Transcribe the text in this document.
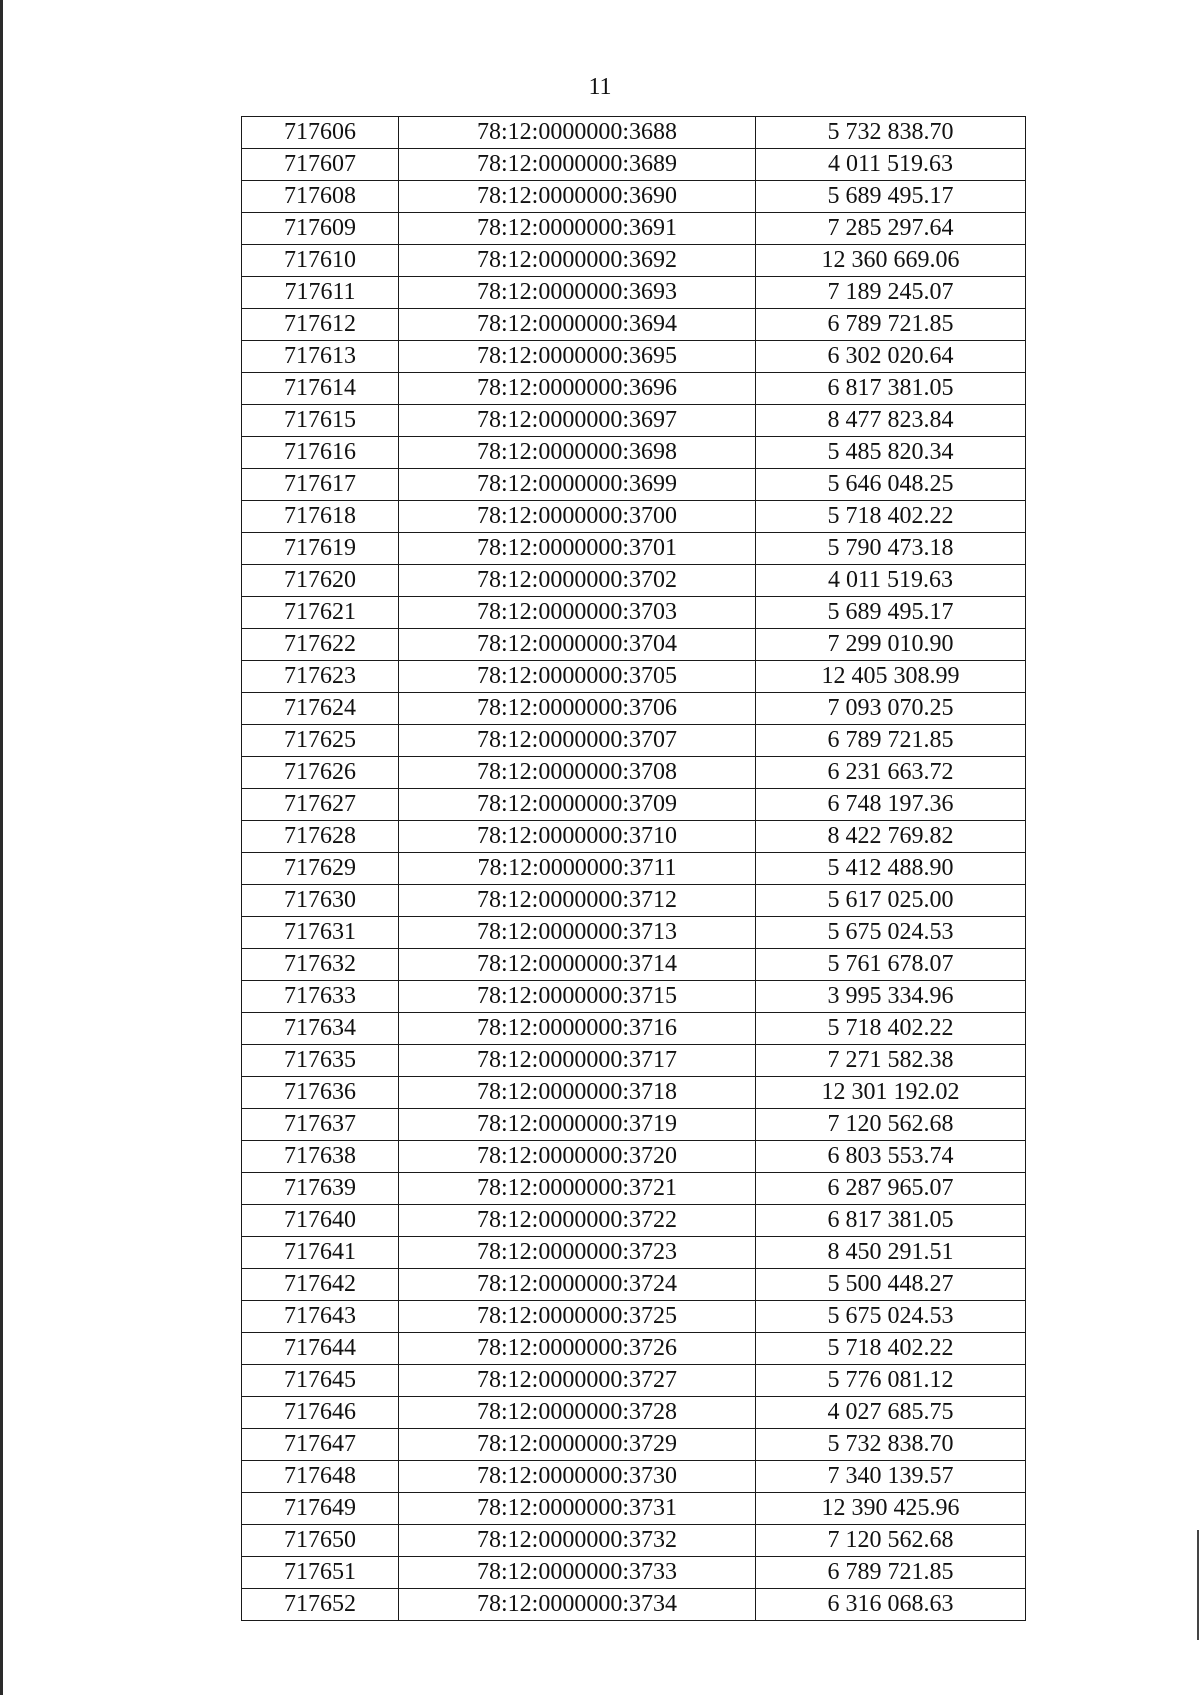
11
717606	78:12:0000000:3688	5 732 838.70
717607	78:12:0000000:3689	4 011 519.63
717608	78:12:0000000:3690	5 689 495.17
717609	78:12:0000000:3691	7 285 297.64
717610	78:12:0000000:3692	12 360 669.06
717611	78:12:0000000:3693	7 189 245.07
717612	78:12:0000000:3694	6 789 721.85
717613	78:12:0000000:3695	6 302 020.64
717614	78:12:0000000:3696	6 817 381.05
717615	78:12:0000000:3697	8 477 823.84
717616	78:12:0000000:3698	5 485 820.34
717617	78:12:0000000:3699	5 646 048.25
717618	78:12:0000000:3700	5 718 402.22
717619	78:12:0000000:3701	5 790 473.18
717620	78:12:0000000:3702	4 011 519.63
717621	78:12:0000000:3703	5 689 495.17
717622	78:12:0000000:3704	7 299 010.90
717623	78:12:0000000:3705	12 405 308.99
717624	78:12:0000000:3706	7 093 070.25
717625	78:12:0000000:3707	6 789 721.85
717626	78:12:0000000:3708	6 231 663.72
717627	78:12:0000000:3709	6 748 197.36
717628	78:12:0000000:3710	8 422 769.82
717629	78:12:0000000:3711	5 412 488.90
717630	78:12:0000000:3712	5 617 025.00
717631	78:12:0000000:3713	5 675 024.53
717632	78:12:0000000:3714	5 761 678.07
717633	78:12:0000000:3715	3 995 334.96
717634	78:12:0000000:3716	5 718 402.22
717635	78:12:0000000:3717	7 271 582.38
717636	78:12:0000000:3718	12 301 192.02
717637	78:12:0000000:3719	7 120 562.68
717638	78:12:0000000:3720	6 803 553.74
717639	78:12:0000000:3721	6 287 965.07
717640	78:12:0000000:3722	6 817 381.05
717641	78:12:0000000:3723	8 450 291.51
717642	78:12:0000000:3724	5 500 448.27
717643	78:12:0000000:3725	5 675 024.53
717644	78:12:0000000:3726	5 718 402.22
717645	78:12:0000000:3727	5 776 081.12
717646	78:12:0000000:3728	4 027 685.75
717647	78:12:0000000:3729	5 732 838.70
717648	78:12:0000000:3730	7 340 139.57
717649	78:12:0000000:3731	12 390 425.96
717650	78:12:0000000:3732	7 120 562.68
717651	78:12:0000000:3733	6 789 721.85
717652	78:12:0000000:3734	6 316 068.63
